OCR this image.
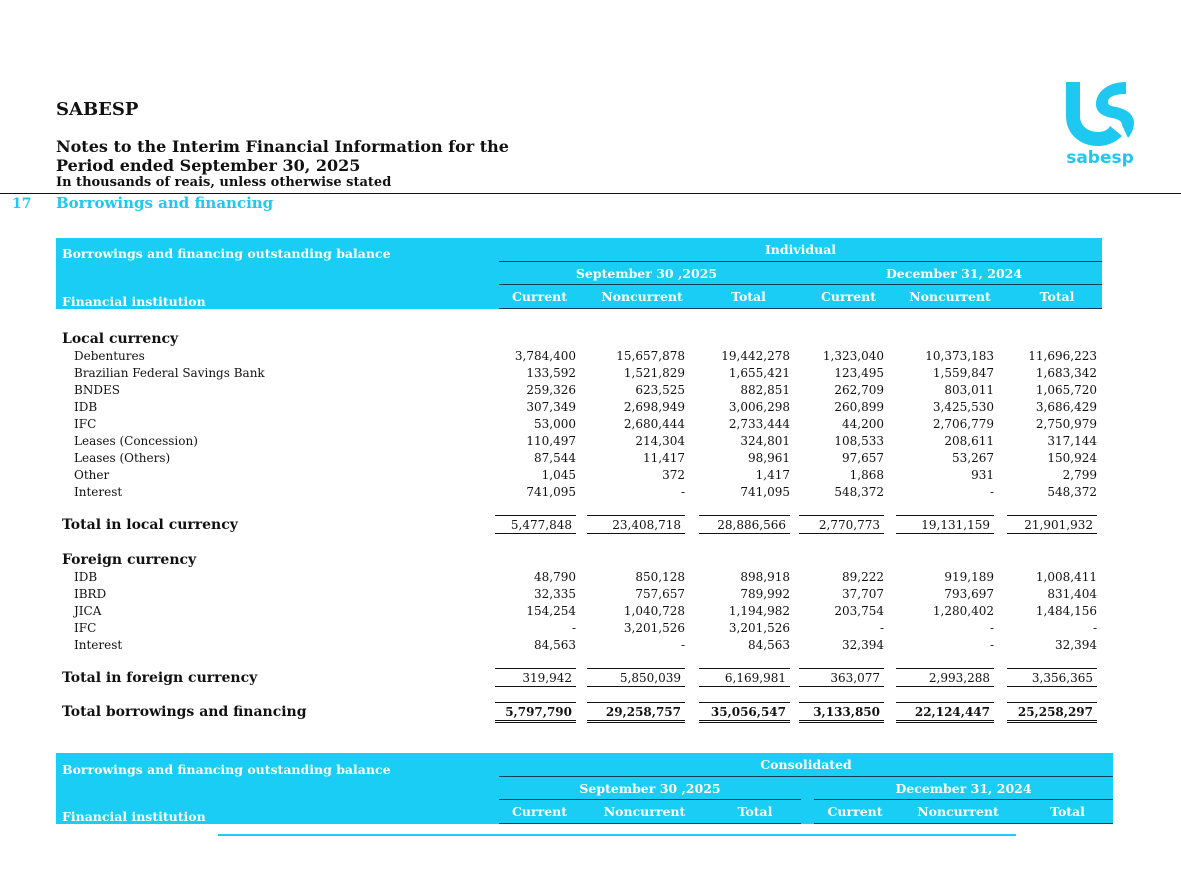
SABESP
Notes to the Interim Financial Information for the Period ended September 30, 2025
In thousands of reais, unless otherwise stated
17 Borrowings and financing
sabesp
Borrowings and financing outstanding balance
Financial institution
Individual
September 30 ,2025	December 31, 2024
Current	Noncurrent	Total	Current	Noncurrent	Total
Local currency
Debentures	3,784,400	15,657,878	19,442,278	1,323,040	10,373,183	11,696,223
Brazilian Federal Savings Bank	133,592	1,521,829	1,655,421	123,495	1,559,847	1,683,342
BNDES	259,326	623,525	882,851	262,709	803,011	1,065,720
IDB	307,349	2,698,949	3,006,298	260,899	3,425,530	3,686,429
IFC	53,000	2,680,444	2,733,444	44,200	2,706,779	2,750,979
Leases (Concession)	110,497	214,304	324,801	108,533	208,611	317,144
Leases (Others)	87,544	11,417	98,961	97,657	53,267	150,924
Other	1,045	372	1,417	1,868	931	2,799
Interest	741,095	-	741,095	548,372	-	548,372
Total in local currency	5,477,848	23,408,718	28,886,566	2,770,773	19,131,159	21,901,932
Foreign currency
IDB	48,790	850,128	898,918	89,222	919,189	1,008,411
IBRD	32,335	757,657	789,992	37,707	793,697	831,404
JICA	154,254	1,040,728	1,194,982	203,754	1,280,402	1,484,156
IFC	-	3,201,526	3,201,526	-	-	-
Interest	84,563	-	84,563	32,394	-	32,394
Total in foreign currency	319,942	5,850,039	6,169,981	363,077	2,993,288	3,356,365
Total borrowings and financing	5,797,790	29,258,757	35,056,547	3,133,850	22,124,447	25,258,297
Borrowings and financing outstanding balance
Financial institution
Consolidated
September 30 ,2025	December 31, 2024
Current	Noncurrent	Total	Current	Noncurrent	Total
